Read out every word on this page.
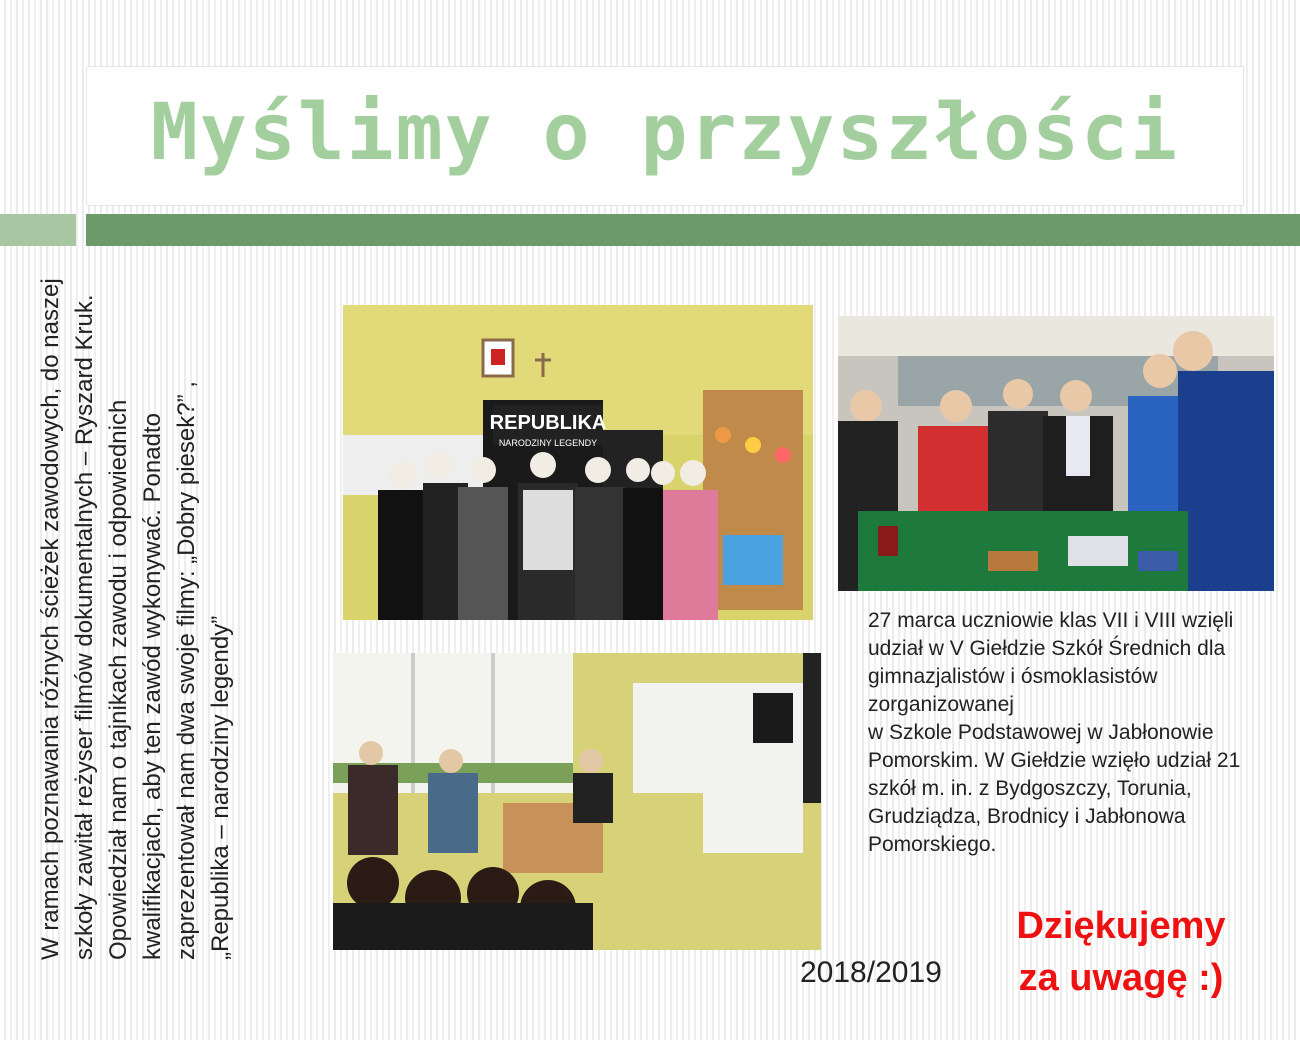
Myślimy o przyszłości
W ramach poznawania różnych ścieżek zawodowych, do naszej szkoły zawitał reżyser filmów dokumentalnych – Ryszard Kruk. Opowiedział nam o tajnikach zawodu i odpowiednich kwalifikacjach, aby ten zawód wykonywać. Ponadto zaprezentował nam dwa swoje filmy: „Dobry piesek?” , „Republika – narodziny legendy”
REPUBLIKA
NARODZINY LEGENDY
27 marca uczniowie klas VII i VIII wzięli udział w V Giełdzie Szkół Średnich dla gimnazjalistów i ósmoklasistów zorganizowanej
w Szkole Podstawowej w Jabłonowie Pomorskim. W Giełdzie wzięło udział 21 szkół m. in. z Bydgoszczy, Torunia, Grudziądza, Brodnicy i Jabłonowa Pomorskiego.
2018/2019
Dziękujemy
za uwagę :)
